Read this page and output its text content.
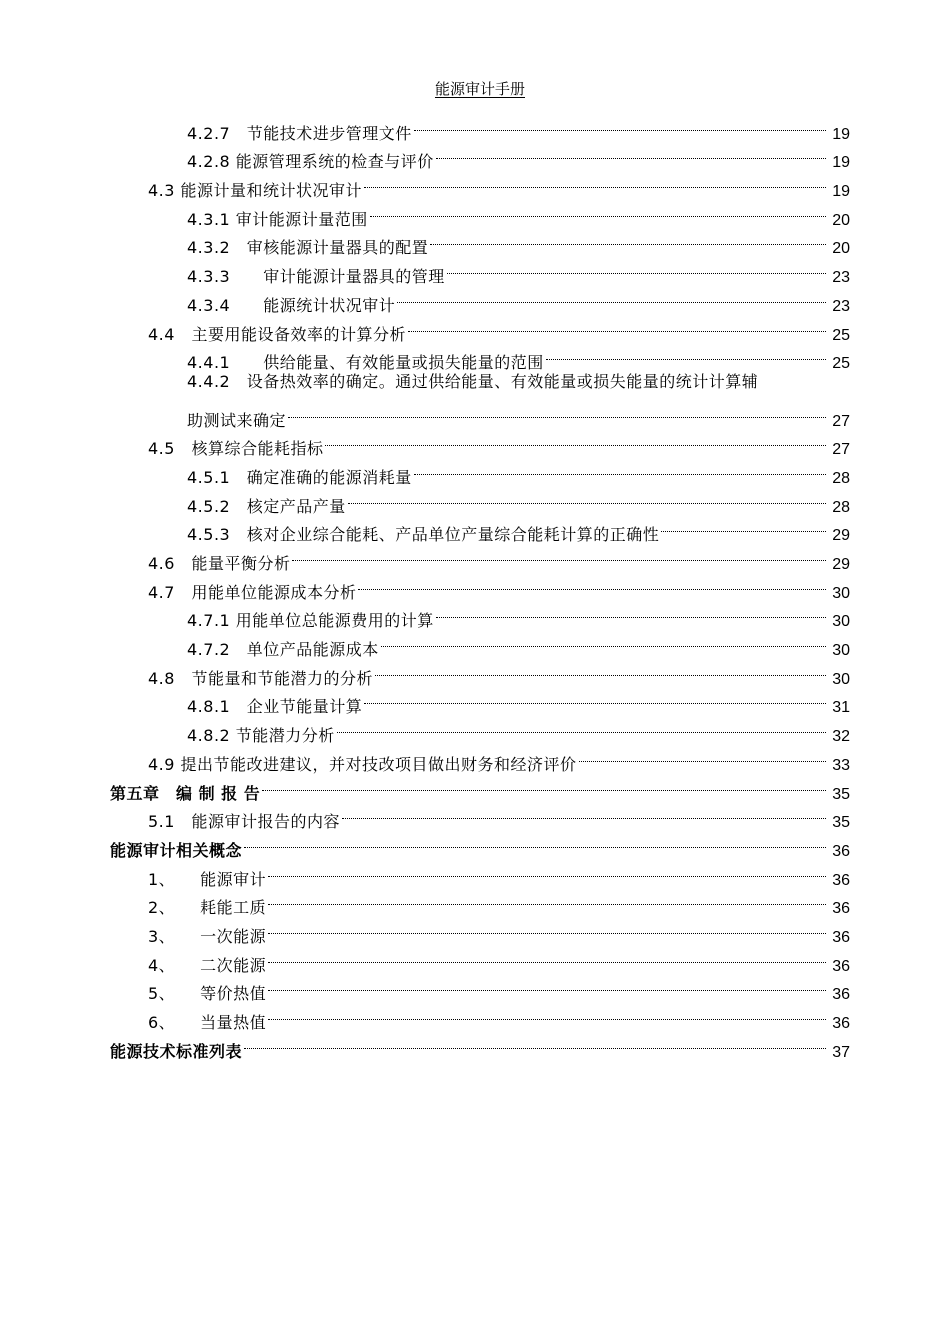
能源审计手册
4.2.7　节能技术进步管理文件	19
4.2.8 能源管理系统的检查与评价	19
4.3 能源计量和统计状况审计	19
4.3.1 审计能源计量范围	20
4.3.2　审核能源计量器具的配置	20
4.3.3　　审计能源计量器具的管理	23
4.3.4　　能源统计状况审计	23
4.4　主要用能设备效率的计算分析	25
4.4.1　　供给能量、有效能量或损失能量的范围	25
4.4.2　设备热效率的确定。通过供给能量、有效能量或损失能量的统计计算辅
助测试来确定	27
4.5　核算综合能耗指标	27
4.5.1　确定准确的能源消耗量	28
4.5.2　核定产品产量	28
4.5.3　核对企业综合能耗、产品单位产量综合能耗计算的正确性	29
4.6　能量平衡分析	29
4.7　用能单位能源成本分析	30
4.7.1 用能单位总能源费用的计算	30
4.7.2　单位产品能源成本	30
4.8　节能量和节能潜力的分析	30
4.8.1　企业节能量计算	31
4.8.2 节能潜力分析	32
4.9 提出节能改进建议，并对技改项目做出财务和经济评价	33
第五章　编 制 报 告	35
5.1　能源审计报告的内容	35
能源审计相关概念	36
1、　　能源审计	36
2、　　耗能工质	36
3、　　一次能源	36
4、　　二次能源	36
5、　　等价热值	36
6、　　当量热值	36
能源技术标准列表	37
